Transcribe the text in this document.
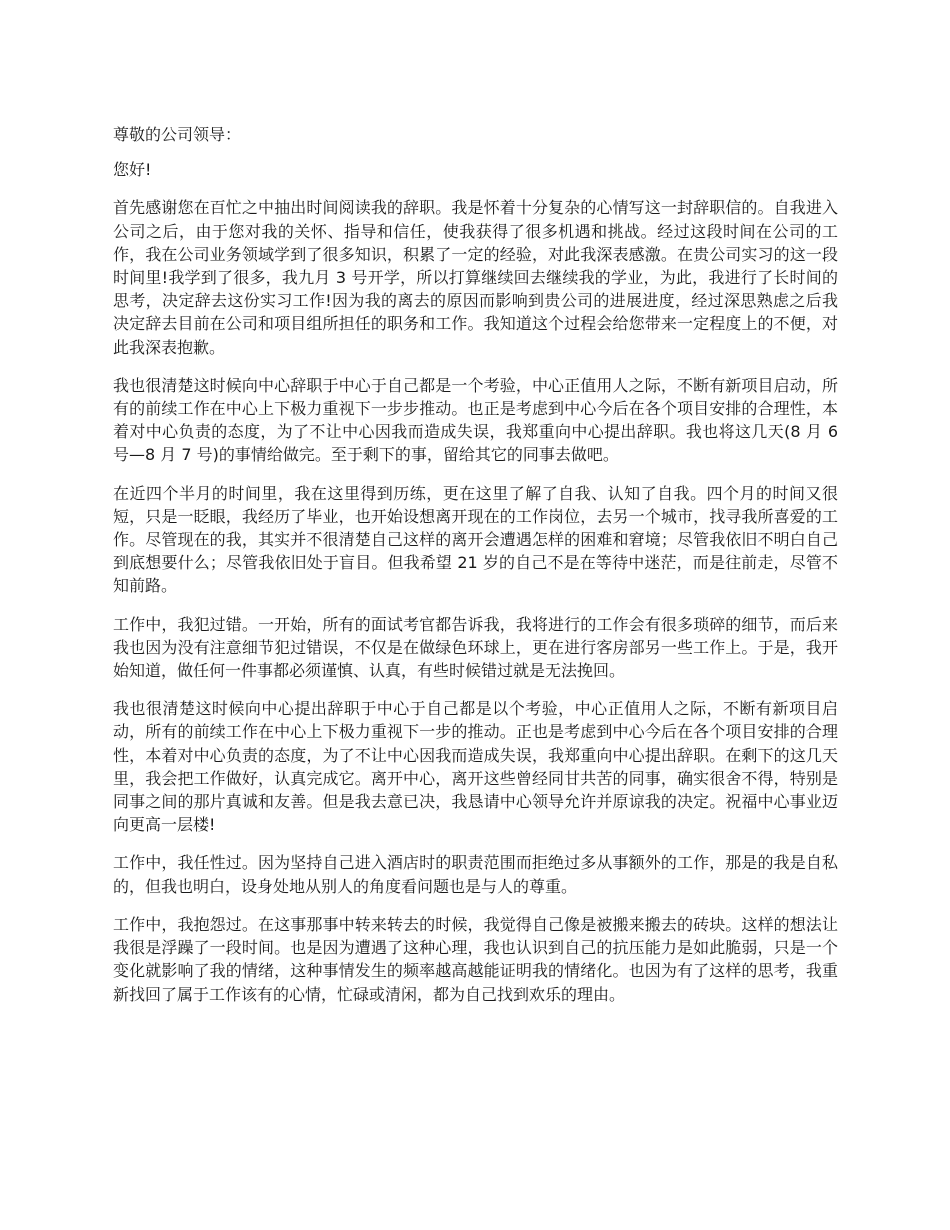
尊敬的公司领导：

您好!

首先感谢您在百忙之中抽出时间阅读我的辞职。我是怀着十分复杂的心情写这一封辞职信的。自我进入公司之后，由于您对我的关怀、指导和信任，使我获得了很多机遇和挑战。经过这段时间在公司的工作，我在公司业务领域学到了很多知识，积累了一定的经验，对此我深表感激。在贵公司实习的这一段时间里!我学到了很多，我九月 3 号开学，所以打算继续回去继续我的学业，为此，我进行了长时间的思考，决定辞去这份实习工作!因为我的离去的原因而影响到贵公司的进展进度，经过深思熟虑之后我决定辞去目前在公司和项目组所担任的职务和工作。我知道这个过程会给您带来一定程度上的不便，对此我深表抱歉。

我也很清楚这时候向中心辞职于中心于自己都是一个考验，中心正值用人之际，不断有新项目启动，所有的前续工作在中心上下极力重视下一步步推动。也正是考虑到中心今后在各个项目安排的合理性，本着对中心负责的态度，为了不让中心因我而造成失误，我郑重向中心提出辞职。我也将这几天(8 月 6 号—8 月 7 号)的事情给做完。至于剩下的事，留给其它的同事去做吧。

在近四个半月的时间里，我在这里得到历练，更在这里了解了自我、认知了自我。四个月的时间又很短，只是一眨眼，我经历了毕业，也开始设想离开现在的工作岗位，去另一个城市，找寻我所喜爱的工作。尽管现在的我，其实并不很清楚自己这样的离开会遭遇怎样的困难和窘境；尽管我依旧不明白自己到底想要什么；尽管我依旧处于盲目。但我希望 21 岁的自己不是在等待中迷茫，而是往前走，尽管不知前路。

工作中，我犯过错。一开始，所有的面试考官都告诉我，我将进行的工作会有很多琐碎的细节，而后来我也因为没有注意细节犯过错误，不仅是在做绿色环球上，更在进行客房部另一些工作上。于是，我开始知道，做任何一件事都必须谨慎、认真，有些时候错过就是无法挽回。

我也很清楚这时候向中心提出辞职于中心于自己都是以个考验，中心正值用人之际，不断有新项目启动，所有的前续工作在中心上下极力重视下一步的推动。正也是考虑到中心今后在各个项目安排的合理性，本着对中心负责的态度，为了不让中心因我而造成失误，我郑重向中心提出辞职。在剩下的这几天里，我会把工作做好，认真完成它。离开中心，离开这些曾经同甘共苦的同事，确实很舍不得，特别是同事之间的那片真诚和友善。但是我去意已决，我恳请中心领导允许并原谅我的决定。祝福中心事业迈向更高一层楼!

工作中，我任性过。因为坚持自己进入酒店时的职责范围而拒绝过多从事额外的工作，那是的我是自私的，但我也明白，设身处地从别人的角度看问题也是与人的尊重。

工作中，我抱怨过。在这事那事中转来转去的时候，我觉得自己像是被搬来搬去的砖块。这样的想法让我很是浮躁了一段时间。也是因为遭遇了这种心理，我也认识到自己的抗压能力是如此脆弱，只是一个变化就影响了我的情绪，这种事情发生的频率越高越能证明我的情绪化。也因为有了这样的思考，我重新找回了属于工作该有的心情，忙碌或清闲，都为自己找到欢乐的理由。
